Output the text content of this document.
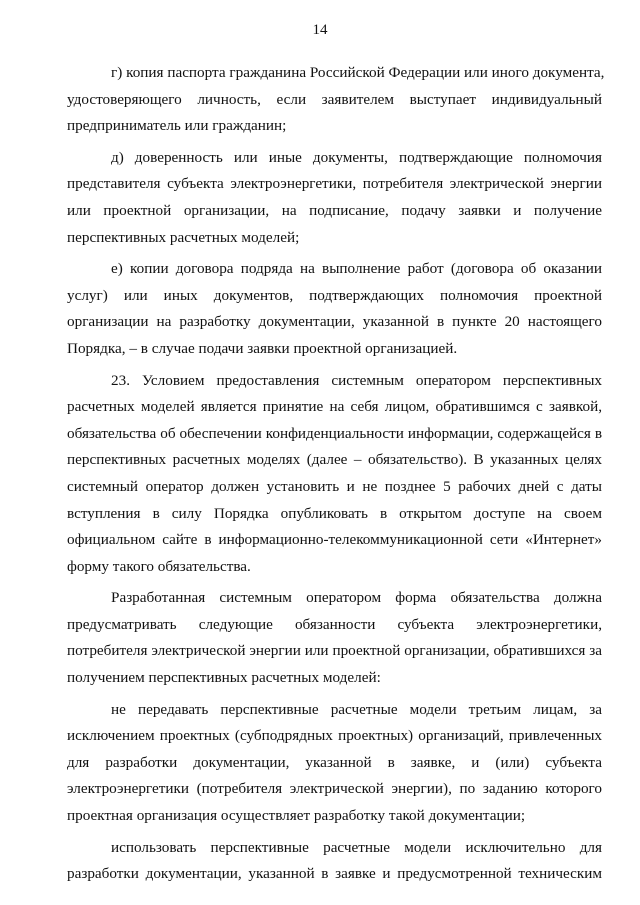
14
г) копия паспорта гражданина Российской Федерации или иного документа,
удостоверяющего личность, если заявителем выступает индивидуальный
предприниматель или гражданин;
д) доверенность или иные документы, подтверждающие полномочия
представителя субъекта электроэнергетики, потребителя электрической энергии
или проектной организации, на подписание, подачу заявки и получение
перспективных расчетных моделей;
е) копии договора подряда на выполнение работ (договора об оказании
услуг) или иных документов, подтверждающих полномочия проектной
организации на разработку документации, указанной в пункте 20 настоящего
Порядка, – в случае подачи заявки проектной организацией.
23. Условием предоставления системным оператором перспективных
расчетных моделей является принятие на себя лицом, обратившимся с заявкой,
обязательства об обеспечении конфиденциальности информации, содержащейся в
перспективных расчетных моделях (далее – обязательство). В указанных целях
системный оператор должен установить и не позднее 5 рабочих дней с даты
вступления в силу Порядка опубликовать в открытом доступе на своем
официальном сайте в информационно-телекоммуникационной сети «Интернет»
форму такого обязательства.
Разработанная системным оператором форма обязательства должна
предусматривать следующие обязанности субъекта электроэнергетики,
потребителя электрической энергии или проектной организации, обратившихся за
получением перспективных расчетных моделей:
не передавать перспективные расчетные модели третьим лицам, за
исключением проектных (субподрядных проектных) организаций, привлеченных
для разработки документации, указанной в заявке, и (или) субъекта
электроэнергетики (потребителя электрической энергии), по заданию которого
проектная организация осуществляет разработку такой документации;
использовать перспективные расчетные модели исключительно для
разработки документации, указанной в заявке и предусмотренной техническим
